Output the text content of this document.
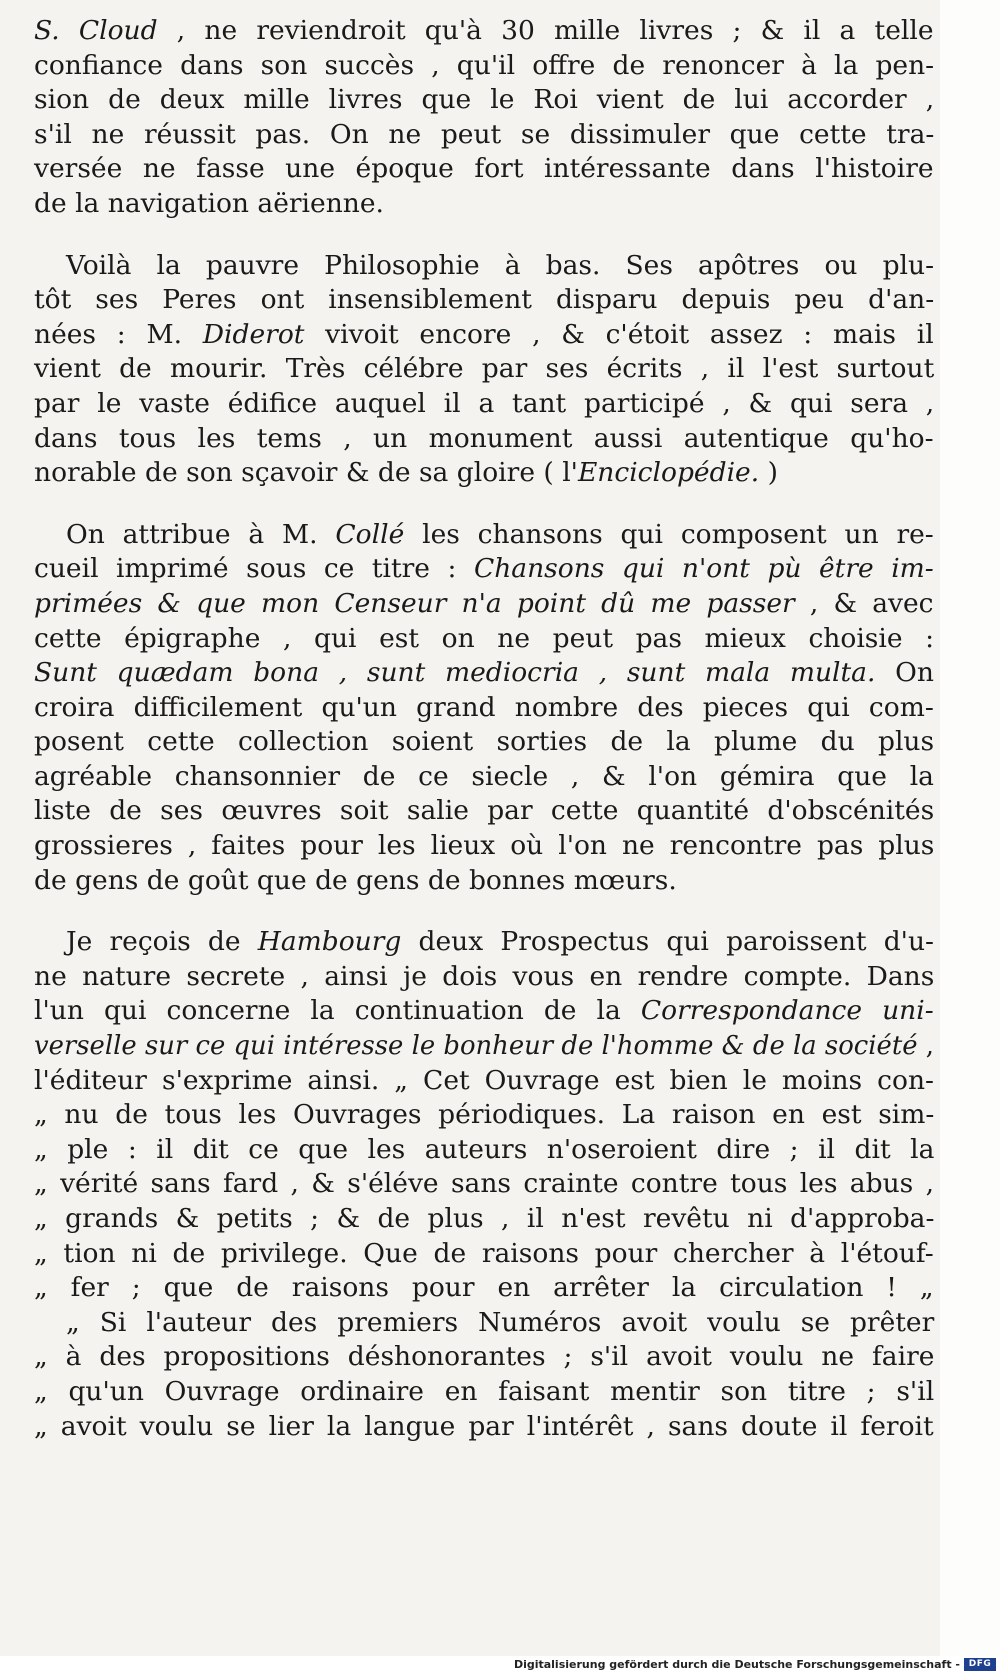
S. Cloud , ne reviendroit qu'à 30 mille livres ; & il a telle
confiance dans son succès , qu'il offre de renoncer à la pen-
sion de deux mille livres que le Roi vient de lui accorder ,
s'il ne réussit pas. On ne peut se dissimuler que cette tra-
versée ne fasse une époque fort intéressante dans l'histoire
de la navigation aërienne.
Voilà la pauvre Philosophie à bas. Ses apôtres ou plu-
tôt ses Peres ont insensiblement disparu depuis peu d'an-
nées : M. Diderot vivoit encore , & c'étoit assez : mais il
vient de mourir. Très célébre par ses écrits , il l'est surtout
par le vaste édifice auquel il a tant participé , & qui sera ,
dans tous les tems , un monument aussi autentique qu'ho-
norable de son sçavoir & de sa gloire ( l'Enciclopédie. )
On attribue à M. Collé les chansons qui composent un re-
cueil imprimé sous ce titre : Chansons qui n'ont pù être im-
primées & que mon Censeur n'a point dû me passer , & avec
cette épigraphe , qui est on ne peut pas mieux choisie :
Sunt quædam bona , sunt mediocria , sunt mala multa. On
croira difficilement qu'un grand nombre des pieces qui com-
posent cette collection soient sorties de la plume du plus
agréable chansonnier de ce siecle , & l'on gémira que la
liste de ses œuvres soit salie par cette quantité d'obscénités
grossieres , faites pour les lieux où l'on ne rencontre pas plus
de gens de goût que de gens de bonnes mœurs.
Je reçois de Hambourg deux Prospectus qui paroissent d'u-
ne nature secrete , ainsi je dois vous en rendre compte. Dans
l'un qui concerne la continuation de la Correspondance uni-
verselle sur ce qui intéresse le bonheur de l'homme & de la société ,
l'éditeur s'exprime ainsi. „ Cet Ouvrage est bien le moins con-
„ nu de tous les Ouvrages périodiques. La raison en est sim-
„ ple : il dit ce que les auteurs n'oseroient dire ; il dit la
„ vérité sans fard , & s'éléve sans crainte contre tous les abus ,
„ grands & petits ; & de plus , il n'est revêtu ni d'approba-
„ tion ni de privilege. Que de raisons pour chercher à l'étouf-
„ fer ; que de raisons pour en arrêter la circulation ! „
„ Si l'auteur des premiers Numéros avoit voulu se prêter
„ à des propositions déshonorantes ; s'il avoit voulu ne faire
„ qu'un Ouvrage ordinaire en faisant mentir son titre ; s'il
„ avoit voulu se lier la langue par l'intérêt , sans doute il feroit
Digitalisierung gefördert durch die Deutsche Forschungsgemeinschaft - DFG
